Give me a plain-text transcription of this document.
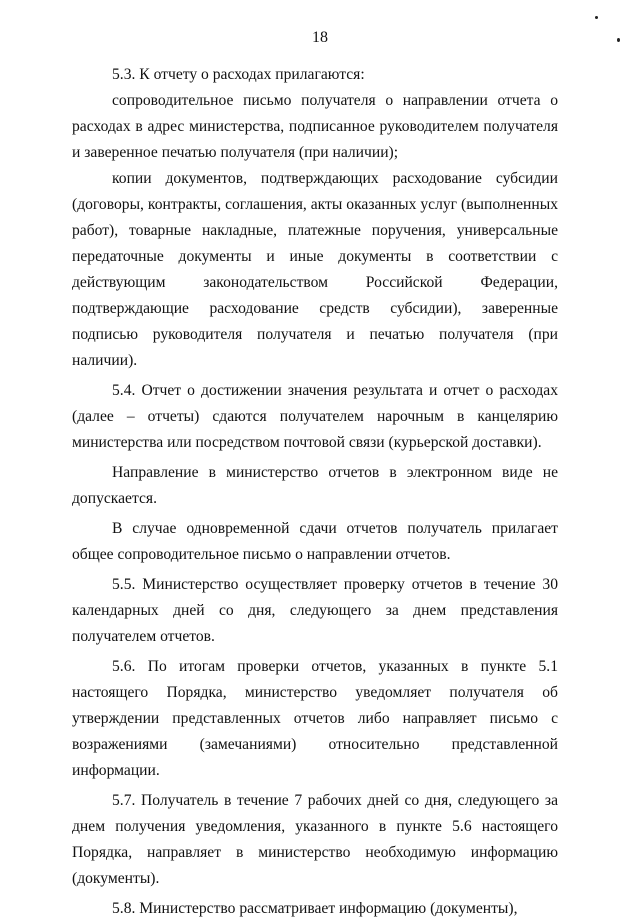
18

5.3. К отчету о расходах прилагаются:

сопроводительное письмо получателя о направлении отчета о расходах в адрес министерства, подписанное руководителем получателя и заверенное печатью получателя (при наличии);

копии документов, подтверждающих расходование субсидии (договоры, контракты, соглашения, акты оказанных услуг (выполненных работ), товарные накладные, платежные поручения, универсальные передаточные документы и иные документы в соответствии с действующим законодательством Российской Федерации, подтверждающие расходование средств субсидии), заверенные подписью руководителя получателя и печатью получателя (при наличии).

5.4. Отчет о достижении значения результата и отчет о расходах (далее – отчеты) сдаются получателем нарочным в канцелярию министерства или посредством почтовой связи (курьерской доставки).

Направление в министерство отчетов в электронном виде не допускается.

В случае одновременной сдачи отчетов получатель прилагает общее сопроводительное письмо о направлении отчетов.

5.5. Министерство осуществляет проверку отчетов в течение 30 календарных дней со дня, следующего за днем представления получателем отчетов.

5.6. По итогам проверки отчетов, указанных в пункте 5.1 настоящего Порядка, министерство уведомляет получателя об утверждении представленных отчетов либо направляет письмо с возражениями (замечаниями) относительно представленной информации.

5.7. Получатель в течение 7 рабочих дней со дня, следующего за днем получения уведомления, указанного в пункте 5.6 настоящего Порядка, направляет в министерство необходимую информацию (документы).

5.8. Министерство рассматривает информацию (документы),
